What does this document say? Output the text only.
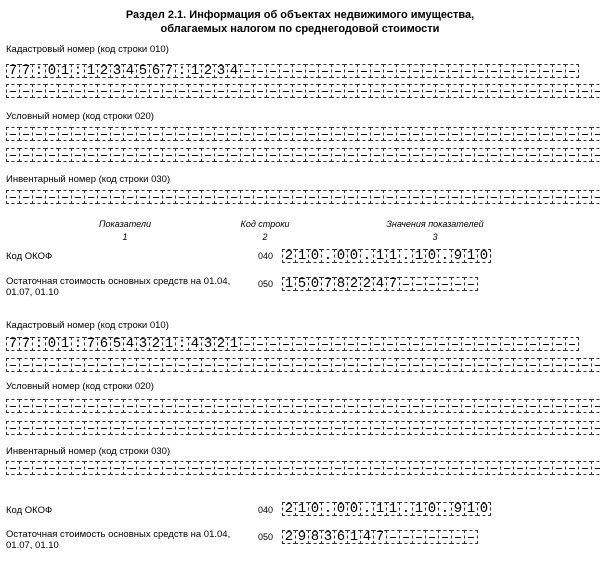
Раздел 2.1. Информация об объектах недвижимого имущества,
облагаемых налогом по среднегодовой стоимости
Кадастровый номер (код строки 010)
7 7 : 0 1 : 1 2 3 4 5 6 7 : 1 2 3 4
Условный номер (код строки 020)
Инвентарный номер (код строки 030)
Показатели	Код строки	Значения показателей
1	2	3
Код ОКОФ	040 2 1 0 . 0 0 . 1 1 . 1 0 . 9 1 0
Остаточная стоимость основных средств на 01.04,
01.07, 01.10
050 1 5 0 7 8 2 2 4 7
Кадастровый номер (код строки 010)
7 7 : 0 1 : 7 6 5 4 3 2 1 : 4 3 2 1
Условный номер (код строки 020)
Инвентарный номер (код строки 030)
Код ОКОФ	040 2 1 0 . 0 0 . 1 1 . 1 0 . 9 1 0
Остаточная стоимость основных средств на 01.04,
01.07, 01.10
050 2 9 8 3 6 1 4 7
